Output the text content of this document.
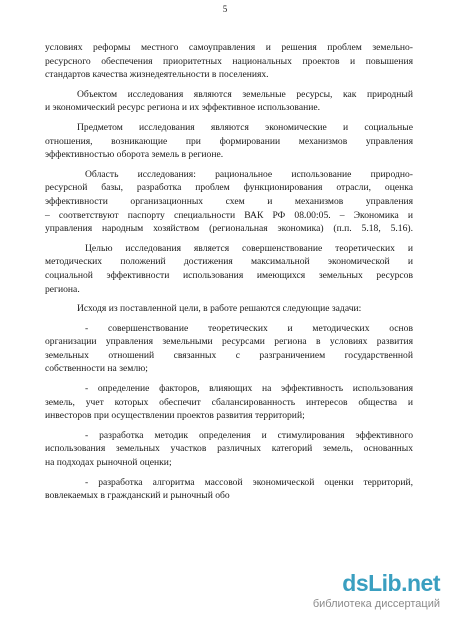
5
условиях реформы местного самоуправления и решения проблем земельно-
ресурсного обеспечения приоритетных национальных проектов и повышения
стандартов качества жизнедеятельности в поселениях.
Объектом исследования являются земельные ресурсы, как природный
и экономический ресурс региона и их эффективное использование.
Предметом исследования являются экономические и социальные
отношения, возникающие при формировании механизмов управления
эффективностью оборота земель в регионе.
Область исследования: рациональное использование природно-
ресурсной базы, разработка проблем функционирования отрасли, оценка
эффективности организационных схем и механизмов управления
– соответствуют паспорту специальности ВАК РФ 08.00:05. – Экономика и
управления народным хозяйством (региональная экономика) (п.п. 5.18, 5.16).
Целью исследования является совершенствование теоретических и
методических положений достижения максимальной экономической и
социальной эффективности использования имеющихся земельных ресурсов
региона.
Исходя из поставленной цели, в работе решаются следующие задачи:
- совершенствование теоретических и методических основ
организации управления земельными ресурсами региона в условиях развития
земельных отношений связанных с разграничением государственной
собственности на землю;
- определение факторов, влияющих на эффективность использования
земель, учет которых обеспечит сбалансированность интересов общества и
инвесторов при осуществлении проектов развития территорий;
- разработка методик определения и стимулирования эффективного
использования земельных участков различных категорий земель, основанных
на подходах рыночной оценки;
- разработка алгоритма массовой экономической оценки территорий,
вовлекаемых в гражданский и рыночный обо
dsLib.net
библиотека диссертаций
